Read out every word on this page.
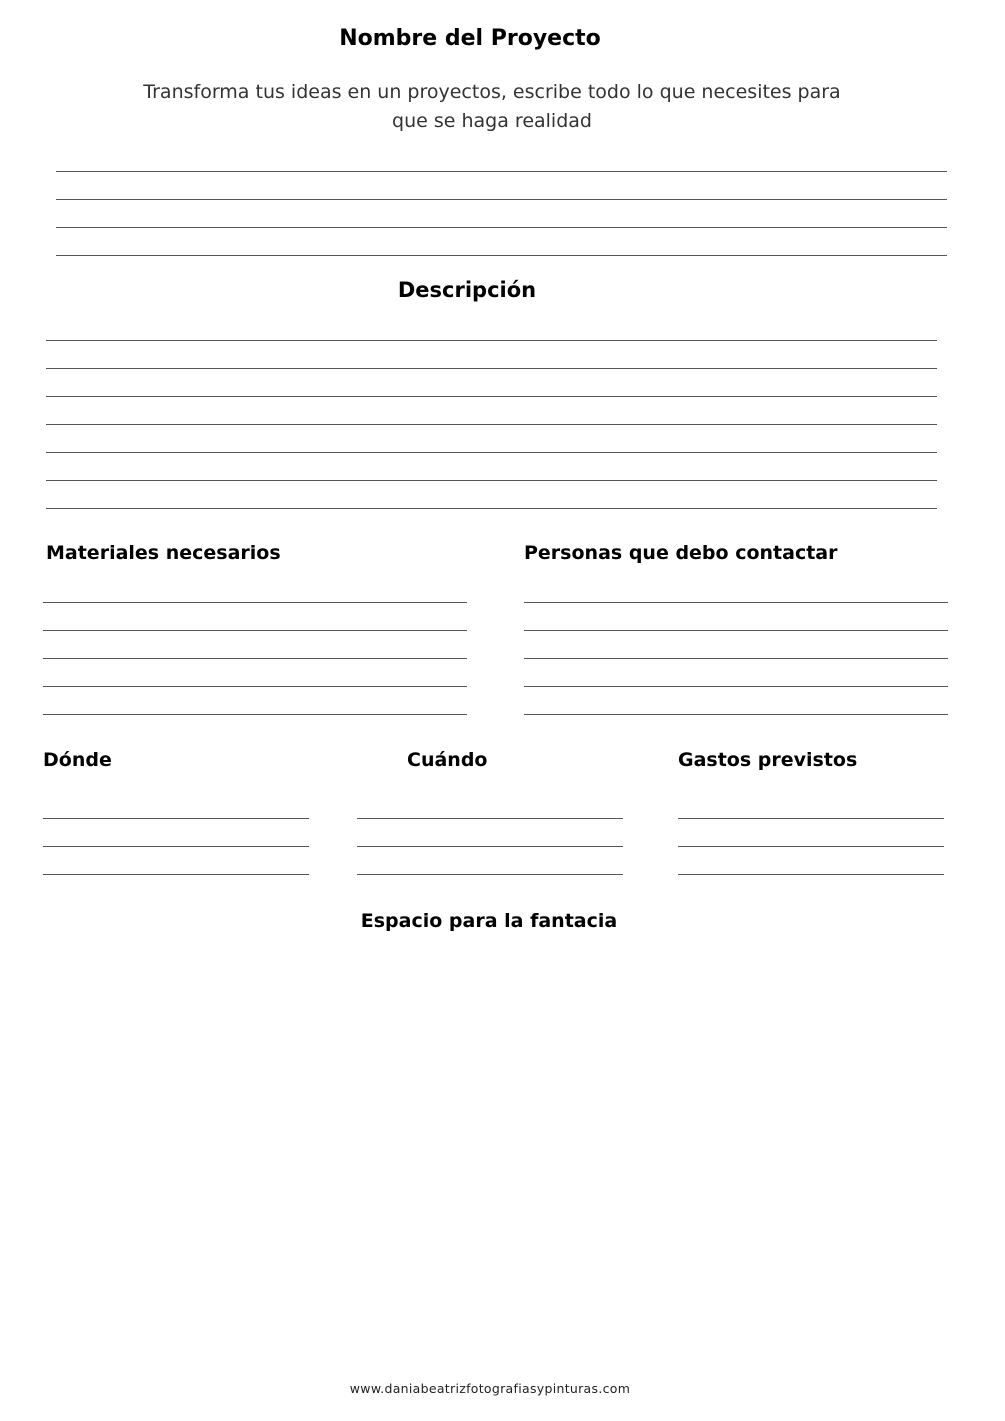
Nombre del Proyecto
Transforma tus ideas en un proyectos, escribe todo lo que necesites para
que se haga realidad
Descripción
Materiales necesarios	Personas que debo contactar
Dónde	Cuándo	Gastos previstos
Espacio para la fantacia
www.daniabeatrizfotografiasypinturas.com
